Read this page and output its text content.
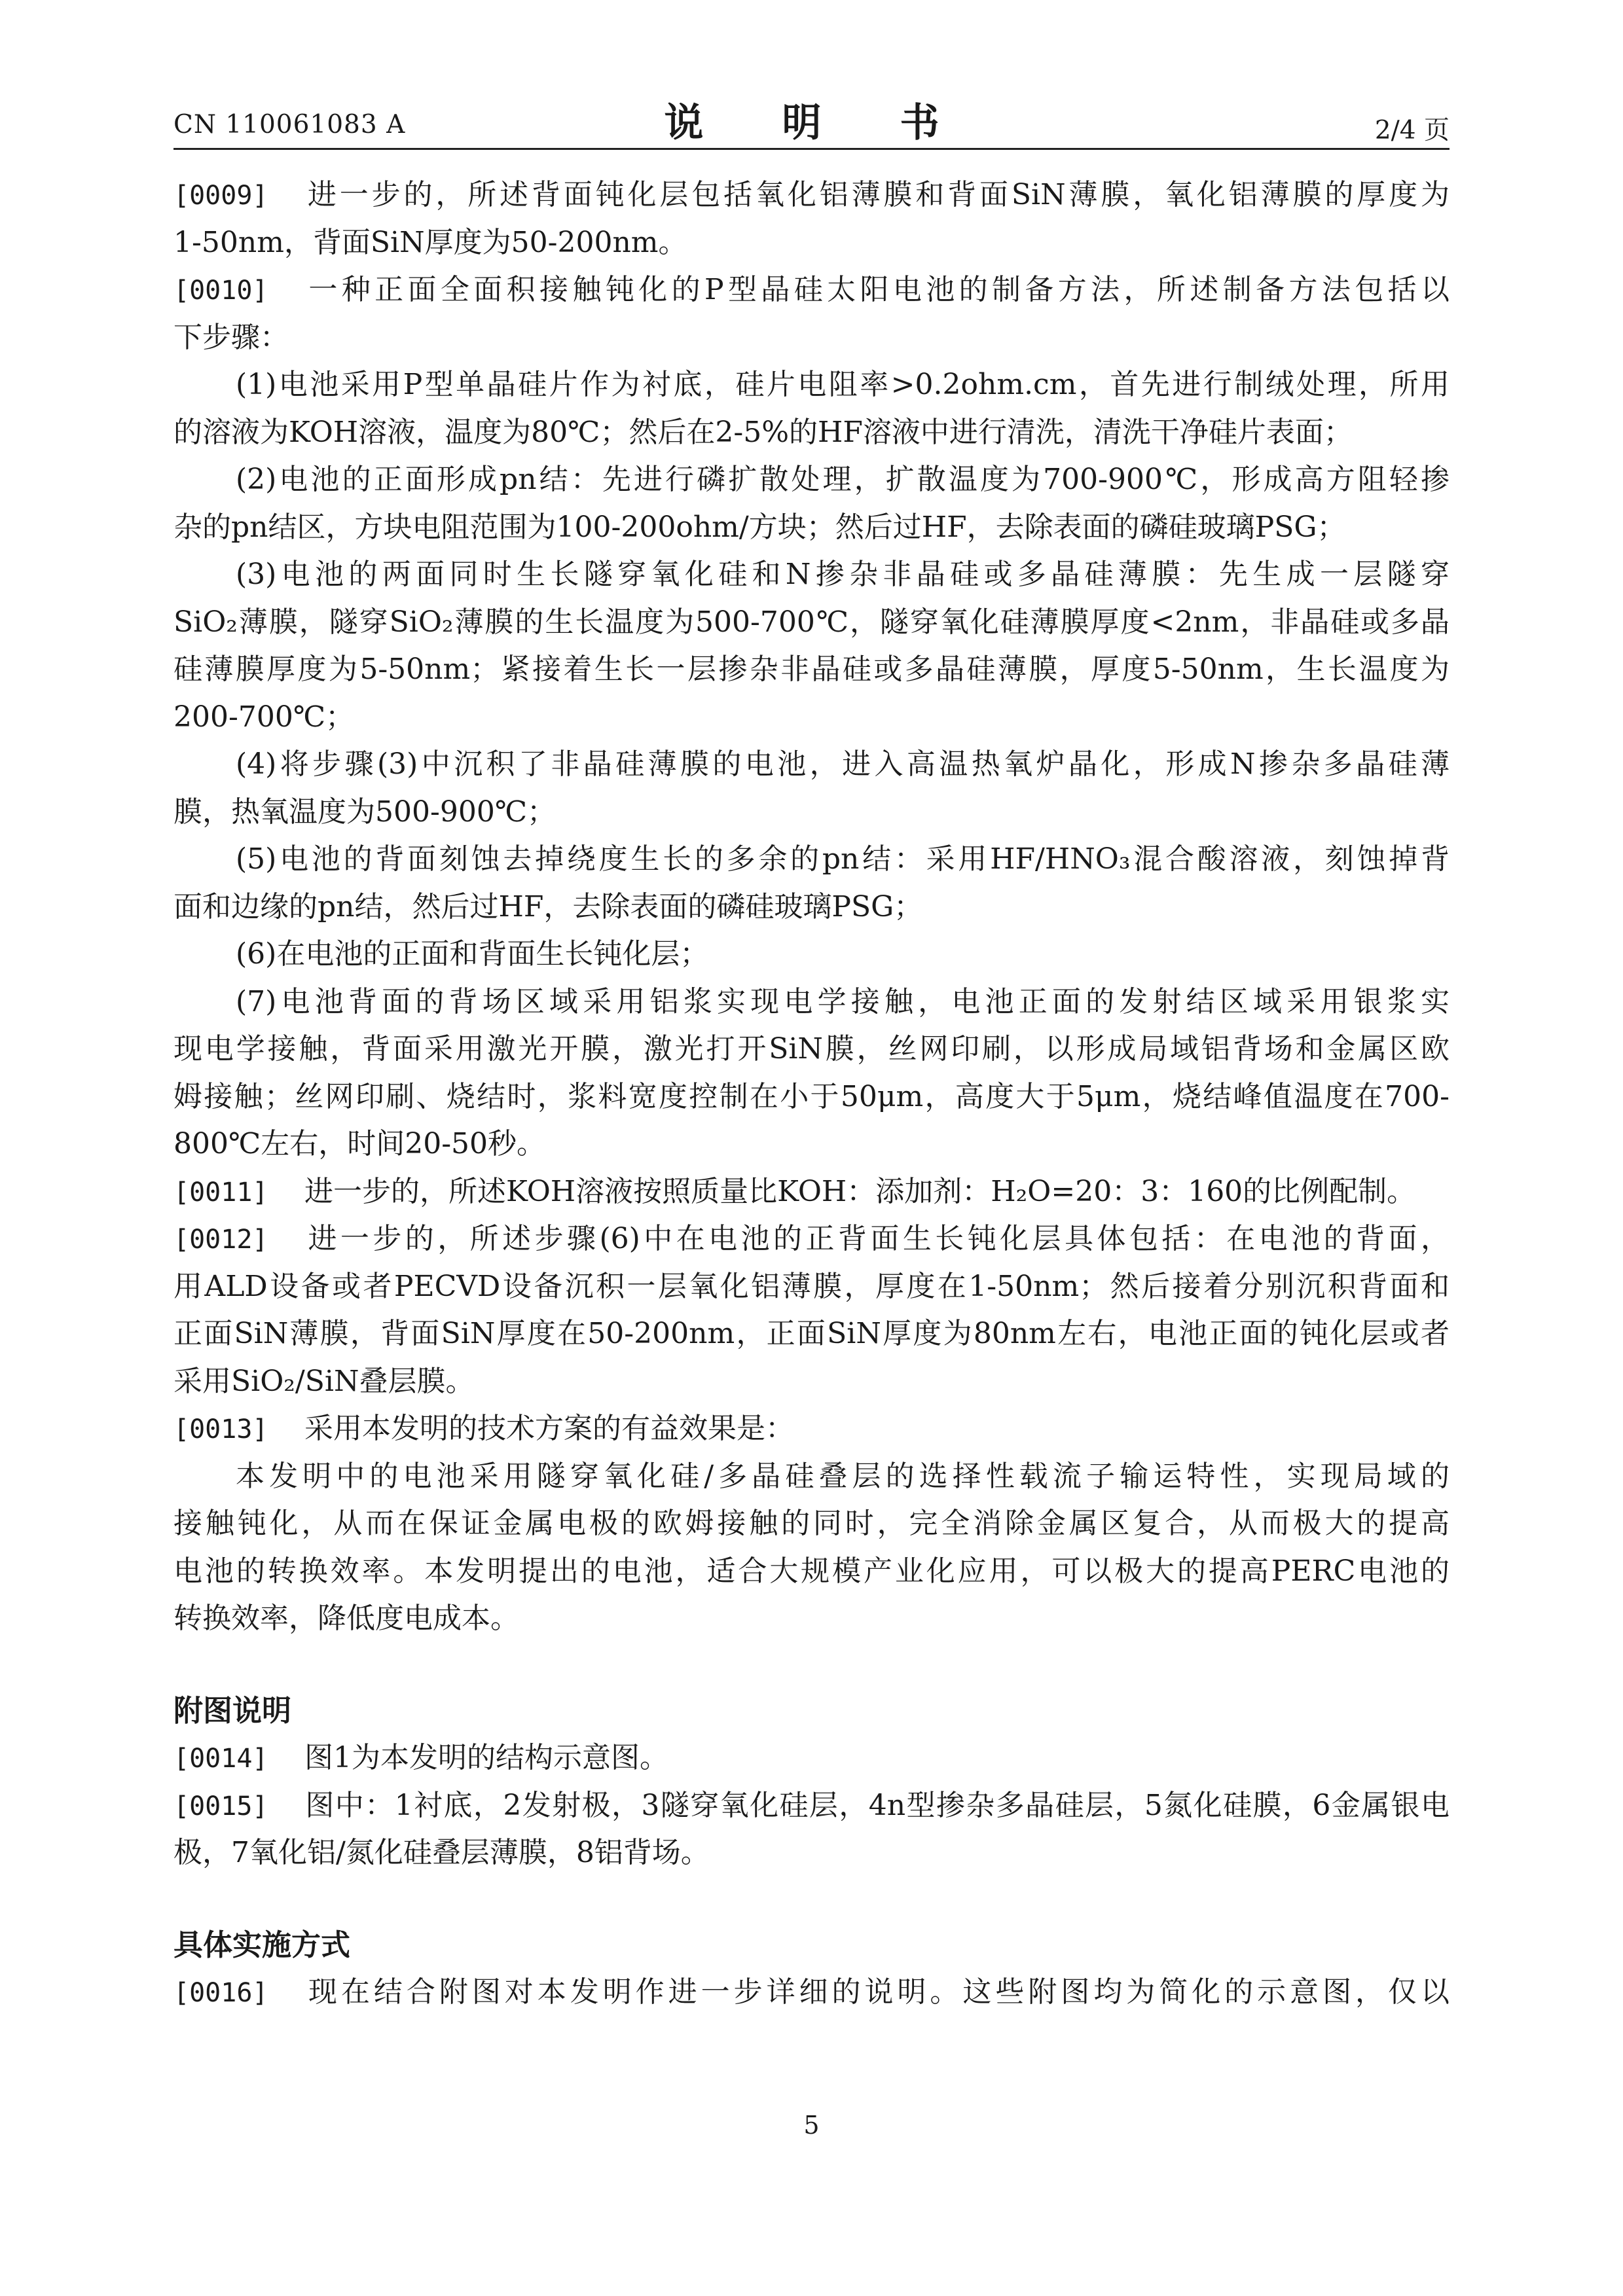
CN 110061083 A	说　明　书	2/4 页
[0009] 进一步的，所述背面钝化层包括氧化铝薄膜和背面SiN薄膜，氧化铝薄膜的厚度为
1-50nm，背面SiN厚度为50-200nm。
[0010] 一种正面全面积接触钝化的P型晶硅太阳电池的制备方法，所述制备方法包括以
下步骤：
(1)电池采用P型单晶硅片作为衬底，硅片电阻率>0.2ohm.cm，首先进行制绒处理，所用
的溶液为KOH溶液，温度为80℃；然后在2-5%的HF溶液中进行清洗，清洗干净硅片表面；
(2)电池的正面形成pn结：先进行磷扩散处理，扩散温度为700-900℃，形成高方阻轻掺
杂的pn结区，方块电阻范围为100-200ohm/方块；然后过HF，去除表面的磷硅玻璃PSG；
(3)电池的两面同时生长隧穿氧化硅和N掺杂非晶硅或多晶硅薄膜：先生成一层隧穿
SiO₂薄膜，隧穿SiO₂薄膜的生长温度为500-700℃，隧穿氧化硅薄膜厚度<2nm，非晶硅或多晶
硅薄膜厚度为5-50nm；紧接着生长一层掺杂非晶硅或多晶硅薄膜，厚度5-50nm，生长温度为
200-700℃；
(4)将步骤(3)中沉积了非晶硅薄膜的电池，进入高温热氧炉晶化，形成N掺杂多晶硅薄
膜，热氧温度为500-900℃；
(5)电池的背面刻蚀去掉绕度生长的多余的pn结：采用HF/HNO₃混合酸溶液，刻蚀掉背
面和边缘的pn结，然后过HF，去除表面的磷硅玻璃PSG；
(6)在电池的正面和背面生长钝化层；
(7)电池背面的背场区域采用铝浆实现电学接触，电池正面的发射结区域采用银浆实
现电学接触，背面采用激光开膜，激光打开SiN膜，丝网印刷，以形成局域铝背场和金属区欧
姆接触；丝网印刷、烧结时，浆料宽度控制在小于50μm，高度大于5μm，烧结峰值温度在700-
800℃左右，时间20-50秒。
[0011] 进一步的，所述KOH溶液按照质量比KOH：添加剂：H₂O=20：3：160的比例配制。
[0012] 进一步的，所述步骤(6)中在电池的正背面生长钝化层具体包括：在电池的背面，
用ALD设备或者PECVD设备沉积一层氧化铝薄膜，厚度在1-50nm；然后接着分别沉积背面和
正面SiN薄膜，背面SiN厚度在50-200nm，正面SiN厚度为80nm左右，电池正面的钝化层或者
采用SiO₂/SiN叠层膜。
[0013] 采用本发明的技术方案的有益效果是：
本发明中的电池采用隧穿氧化硅/多晶硅叠层的选择性载流子输运特性，实现局域的
接触钝化，从而在保证金属电极的欧姆接触的同时，完全消除金属区复合，从而极大的提高
电池的转换效率。本发明提出的电池，适合大规模产业化应用，可以极大的提高PERC电池的
转换效率，降低度电成本。
附图说明
[0014] 图1为本发明的结构示意图。
[0015] 图中：1衬底，2发射极，3隧穿氧化硅层，4n型掺杂多晶硅层，5氮化硅膜，6金属银电
极，7氧化铝/氮化硅叠层薄膜，8铝背场。
具体实施方式
[0016] 现在结合附图对本发明作进一步详细的说明。这些附图均为简化的示意图，仅以
5
